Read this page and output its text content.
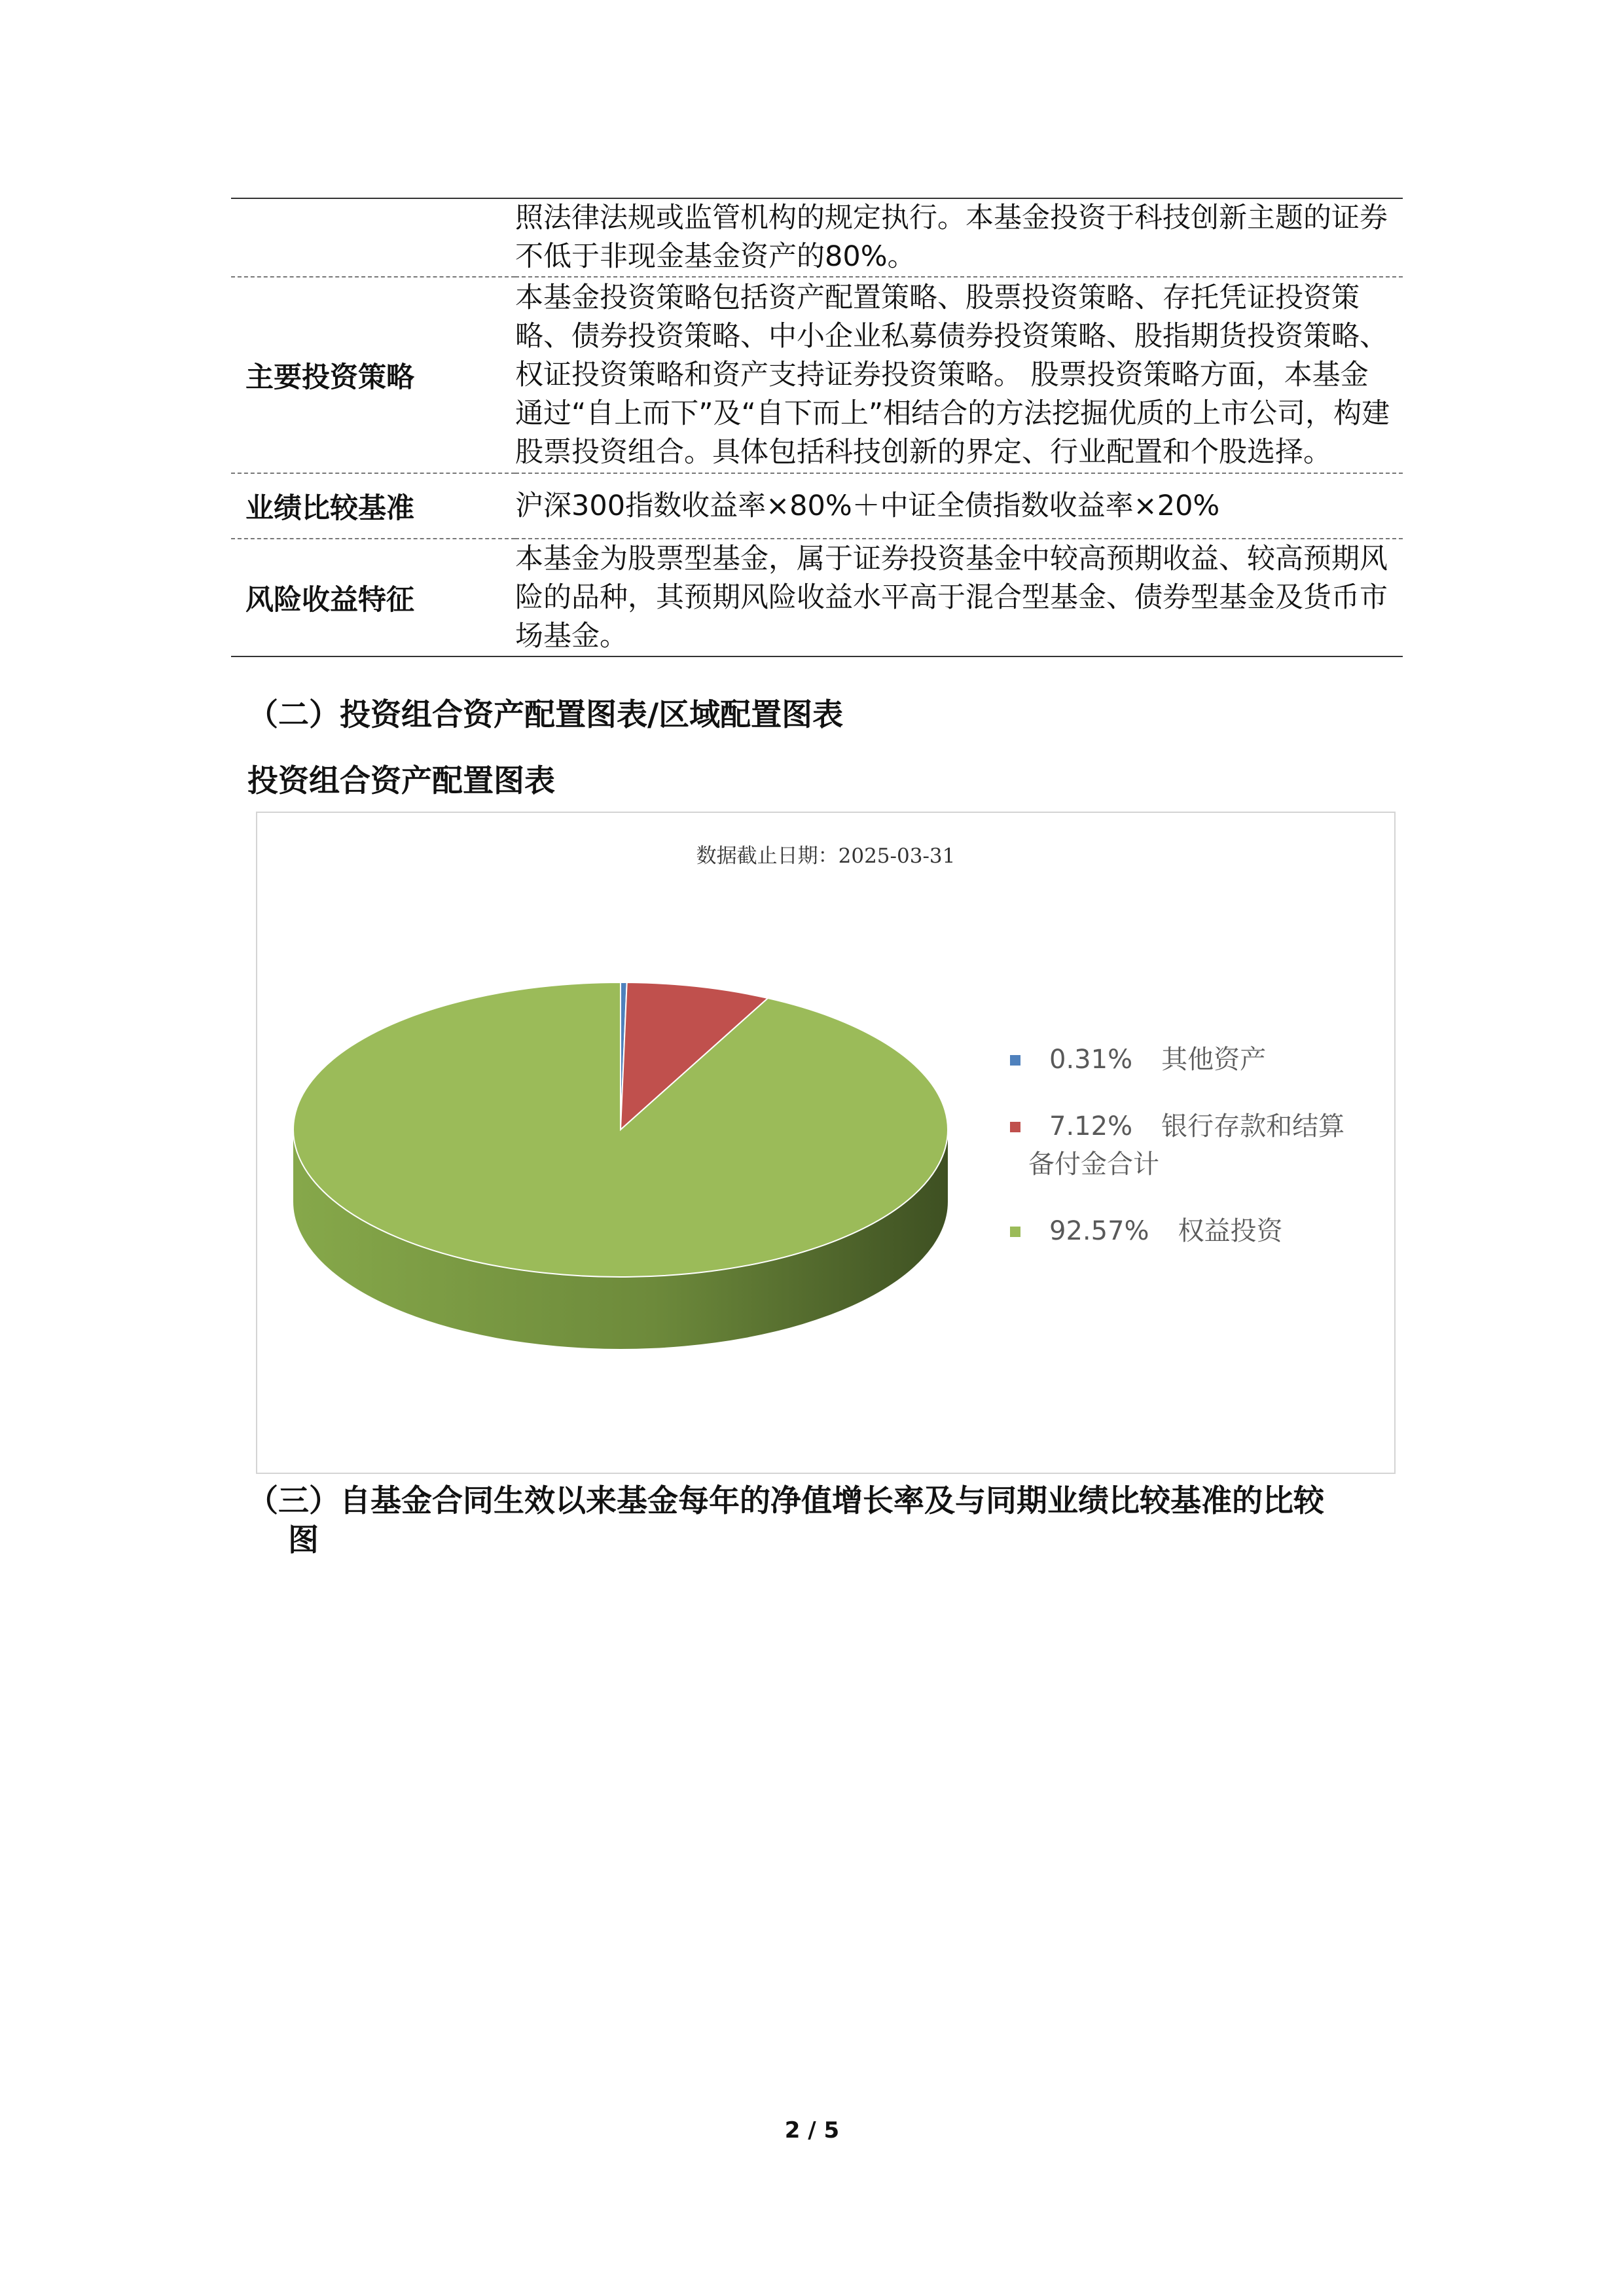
	照法律法规或监管机构的规定执行。本基金投资于科技创新主题的证券不低于非现金基金资产的80%。
主要投资策略	本基金投资策略包括资产配置策略、股票投资策略、存托凭证投资策略、债券投资策略、中小企业私募债券投资策略、股指期货投资策略、权证投资策略和资产支持证券投资策略。 股票投资策略方面，本基金通过“自上而下”及“自下而上”相结合的方法挖掘优质的上市公司，构建股票投资组合。具体包括科技创新的界定、行业配置和个股选择。
业绩比较基准	沪深300指数收益率×80%＋中证全债指数收益率×20%
风险收益特征	本基金为股票型基金，属于证券投资基金中较高预期收益、较高预期风险的品种，其预期风险收益水平高于混合型基金、债券型基金及货币市场基金。
（二）投资组合资产配置图表/区域配置图表
投资组合资产配置图表
数据截止日期：2025-03-31
0.31% 其他资产
7.12% 银行存款和结算
备付金合计
92.57% 权益投资
（三）自基金合同生效以来基金每年的净值增长率及与同期业绩比较基准的比较
图
2 / 5
